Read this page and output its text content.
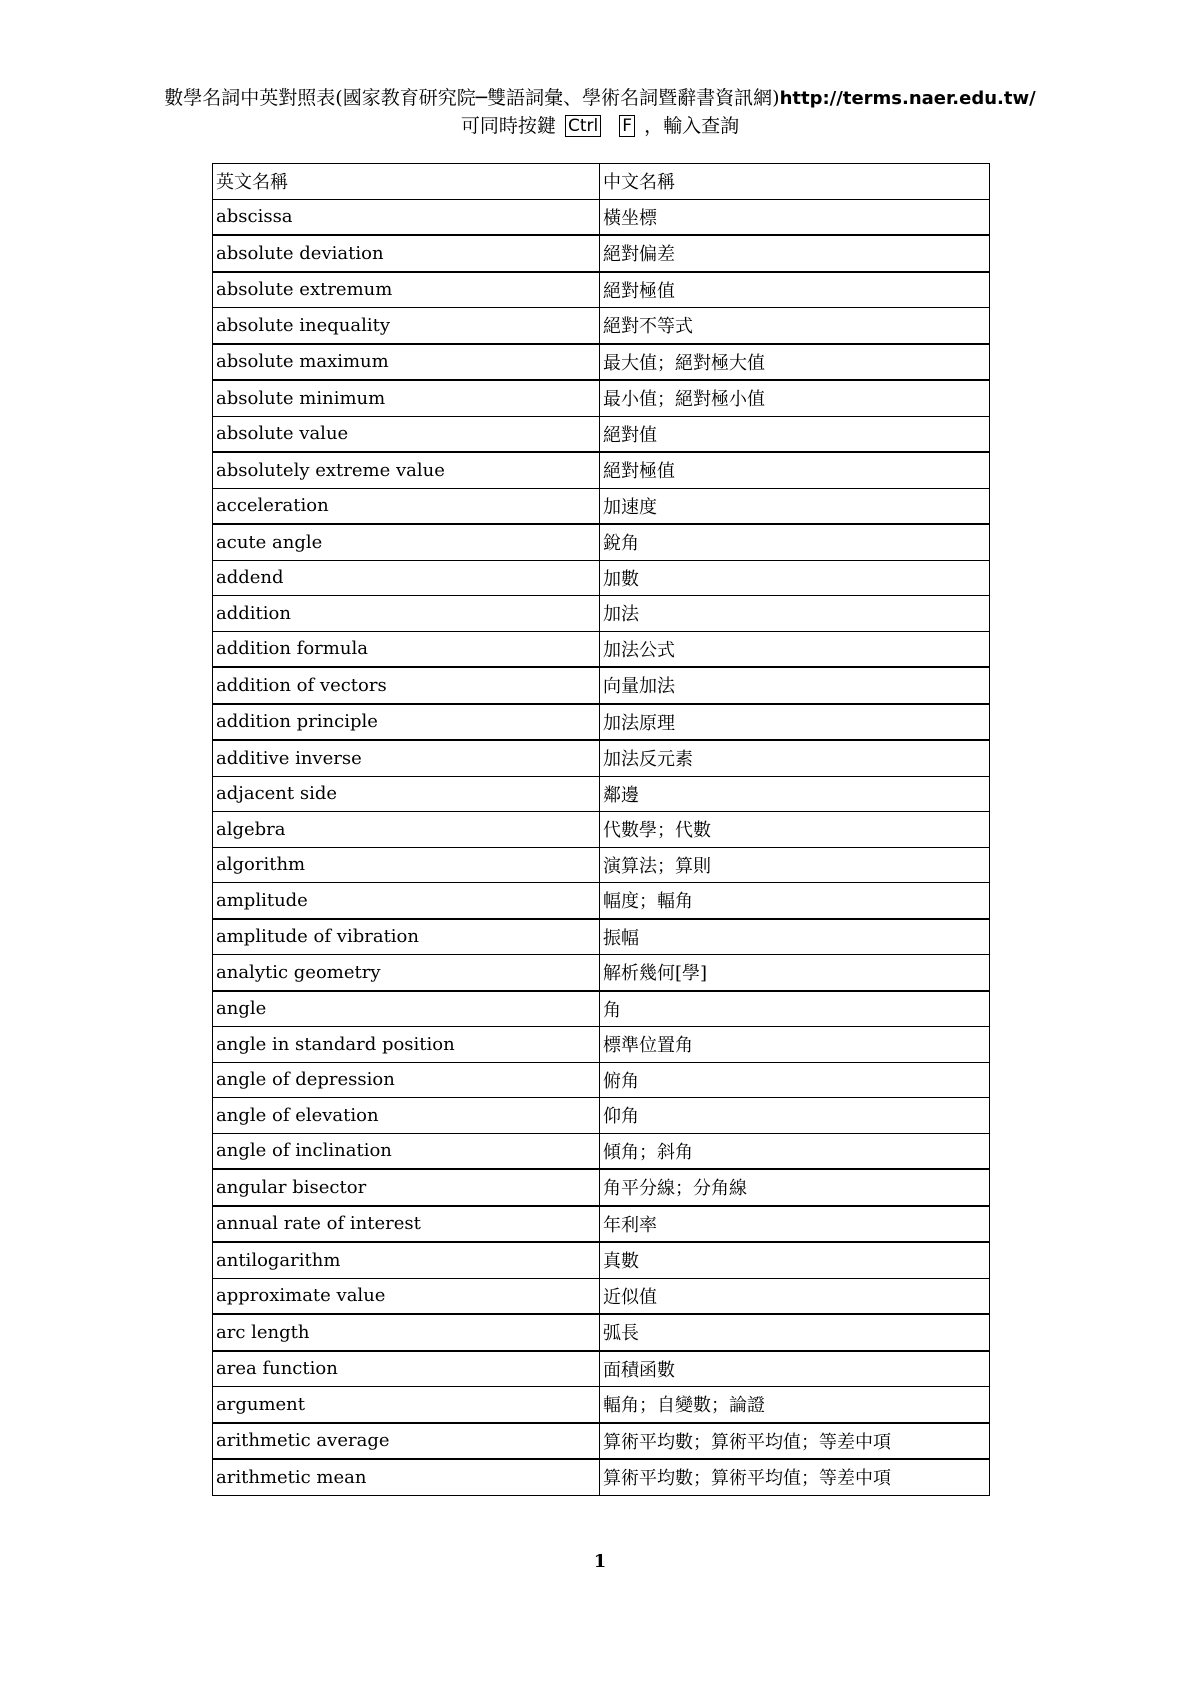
數學名詞中英對照表(國家教育研究院─雙語詞彙、學術名詞暨辭書資訊網)http://terms.naer.edu.tw/
可同時按鍵 Ctrl F ，輸入查詢
英文名稱	中文名稱
abscissa	橫坐標
absolute deviation	絕對偏差
absolute extremum	絕對極值
absolute inequality	絕對不等式
absolute maximum	最大值；絕對極大值
absolute minimum	最小值；絕對極小值
absolute value	絕對值
absolutely extreme value	絕對極值
acceleration	加速度
acute angle	銳角
addend	加數
addition	加法
addition formula	加法公式
addition of vectors	向量加法
addition principle	加法原理
additive inverse	加法反元素
adjacent side	鄰邊
algebra	代數學；代數
algorithm	演算法；算則
amplitude	幅度；輻角
amplitude of vibration	振幅
analytic geometry	解析幾何[學]
angle	角
angle in standard position	標準位置角
angle of depression	俯角
angle of elevation	仰角
angle of inclination	傾角；斜角
angular bisector	角平分線；分角線
annual rate of interest	年利率
antilogarithm	真數
approximate value	近似值
arc length	弧長
area function	面積函數
argument	輻角；自變數；論證
arithmetic average	算術平均數；算術平均值；等差中項
arithmetic mean	算術平均數；算術平均值；等差中項
1
